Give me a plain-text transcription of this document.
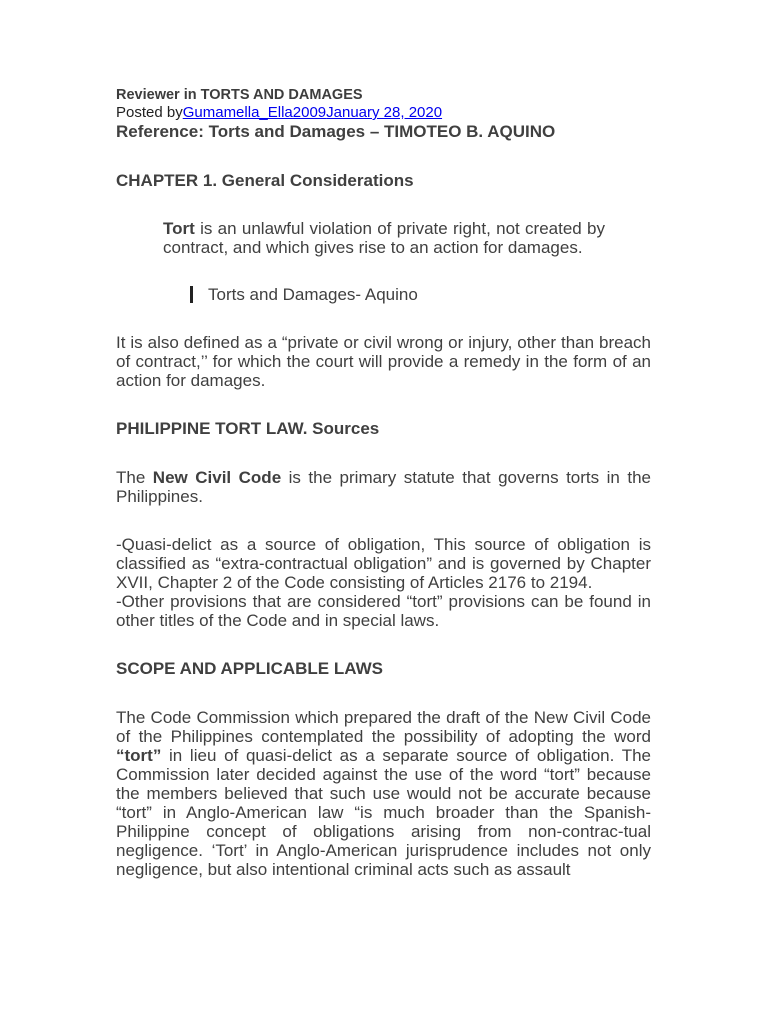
Reviewer in TORTS AND DAMAGES
Posted byGumamella_Ella2009January 28, 2020
Reference: Torts and Damages – TIMOTEO B. AQUINO
CHAPTER 1. General Considerations
Tort is an unlawful violation of private right, not created by contract, and which gives rise to an action for damages.
Torts and Damages- Aquino
It is also defined as a “private or civil wrong or injury, other than breach of contract,’’ for which the court will provide a remedy in the form of an action for damages.
PHILIPPINE TORT LAW. Sources
The New Civil Code is the primary statute that governs torts in the Philippines.
-Quasi-delict as a source of obligation, This source of obligation is classified as “extra-contractual obligation” and is governed by Chapter XVII, Chapter 2 of the Code consisting of Articles 2176 to 2194.
-Other provisions that are considered “tort” provisions can be found in other titles of the Code and in special laws.
SCOPE AND APPLICABLE LAWS
The Code Commission which prepared the draft of the New Civil Code of the Philippines contemplated the possibility of adopting the word “tort” in lieu of quasi-delict as a separate source of obligation. The Commission later decided against the use of the word “tort” because the members believed that such use would not be accurate because “tort” in Anglo-American law “is much broader than the Spanish-Philippine concept of obligations arising from non-contrac-tual negligence. ‘Tort’ in Anglo-American jurisprudence includes not only negligence, but also intentional criminal acts such as assault
